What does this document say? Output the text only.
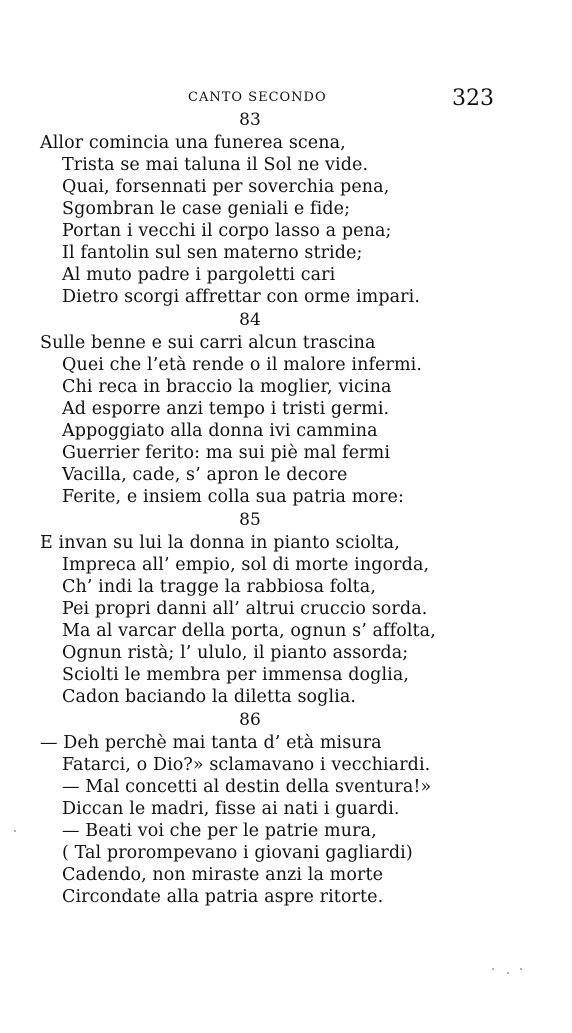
CANTO SECONDO	323
83
Allor comincia una funerea scena,
Trista se mai taluna il Sol ne vide.
Quai, forsennati per soverchia pena,
Sgombran le case geniali e fide;
Portan i vecchi il corpo lasso a pena;
Il fantolin sul sen materno stride;
Al muto padre i pargoletti cari
Dietro scorgi affrettar con orme impari.
84
Sulle benne e sui carri alcun trascina
Quei che l’età rende o il malore infermi.
Chi reca in braccio la moglier, vicina
Ad esporre anzi tempo i tristi germi.
Appoggiato alla donna ivi cammina
Guerrier ferito: ma sui piè mal fermi
Vacilla, cade, s’ apron le decore
Ferite, e insiem colla sua patria more:
85
E invan su lui la donna in pianto sciolta,
Impreca all’ empio, sol di morte ingorda,
Ch’ indi la tragge la rabbiosa folta,
Pei propri danni all’ altrui cruccio sorda.
Ma al varcar della porta, ognun s’ affolta,
Ognun ristà; l’ ululo, il pianto assorda;
Sciolti le membra per immensa doglia,
Cadon baciando la diletta soglia.
86
— Deh perchè mai tanta d’ età misura
Fatarci, o Dio?» sclamavano i vecchiardi.
— Mal concetti al destin della sventura!»
Diccan le madri, fisse ai nati i guardi.
— Beati voi che per le patrie mura,
( Tal prorompevano i giovani gagliardi)
Cadendo, non miraste anzi la morte
Circondate alla patria aspre ritorte.
